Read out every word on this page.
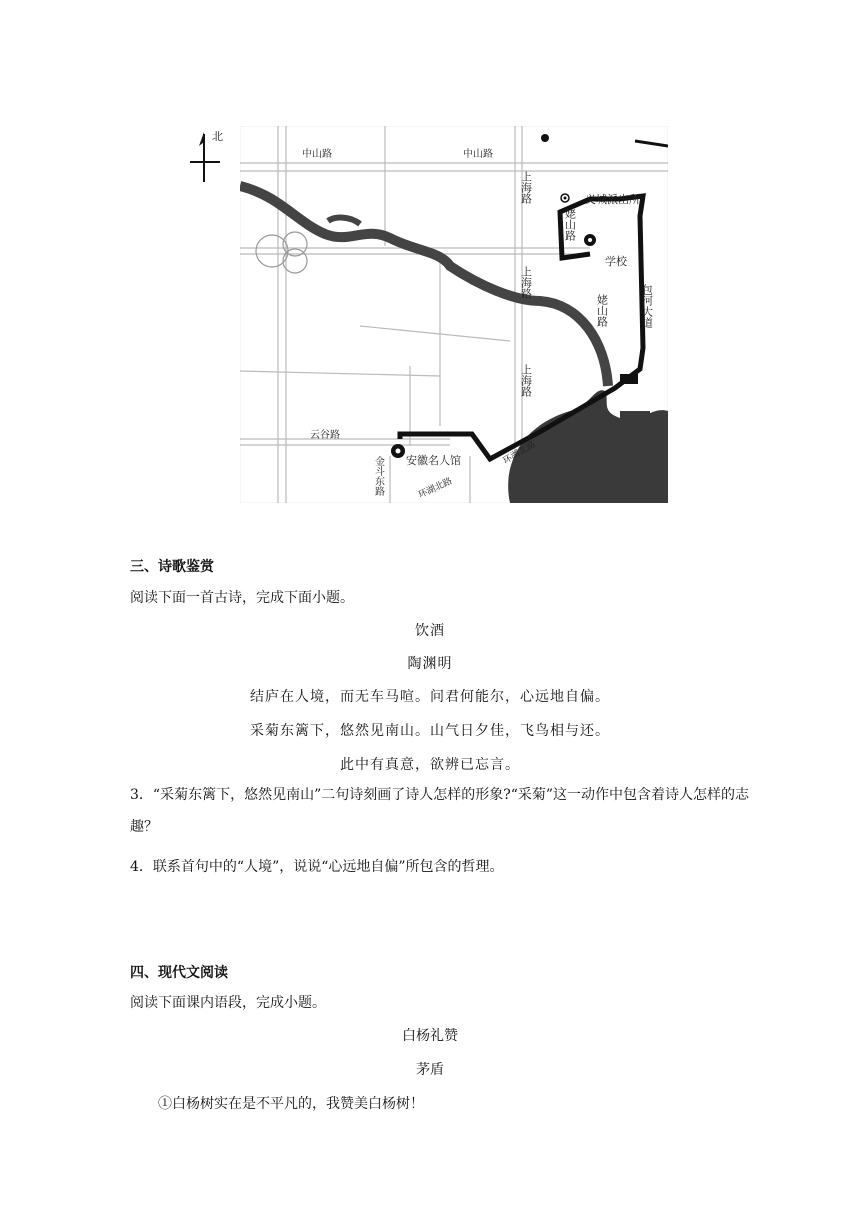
北
中山路	中山路
义城派出所
学校
安徽名人馆
云谷路
环湖北路
环湖北路
上海路
上海路
上海路
姥山路
姥山路	包河大道
金斗东路
三、诗歌鉴赏
阅读下面一首古诗，完成下面小题。
饮酒
陶渊明
结庐在人境，而无车马喧。问君何能尔，心远地自偏。
采菊东篱下，悠然见南山。山气日夕佳，飞鸟相与还。
此中有真意，欲辨已忘言。
3．“采菊东篱下，悠然见南山”二句诗刻画了诗人怎样的形象?“采菊”这一动作中包含着诗人怎样的志趣？
4．联系首句中的“人境”，说说“心远地自偏”所包含的哲理。
四、现代文阅读
阅读下面课内语段，完成小题。
白杨礼赞
茅盾
①白杨树实在是不平凡的，我赞美白杨树！
